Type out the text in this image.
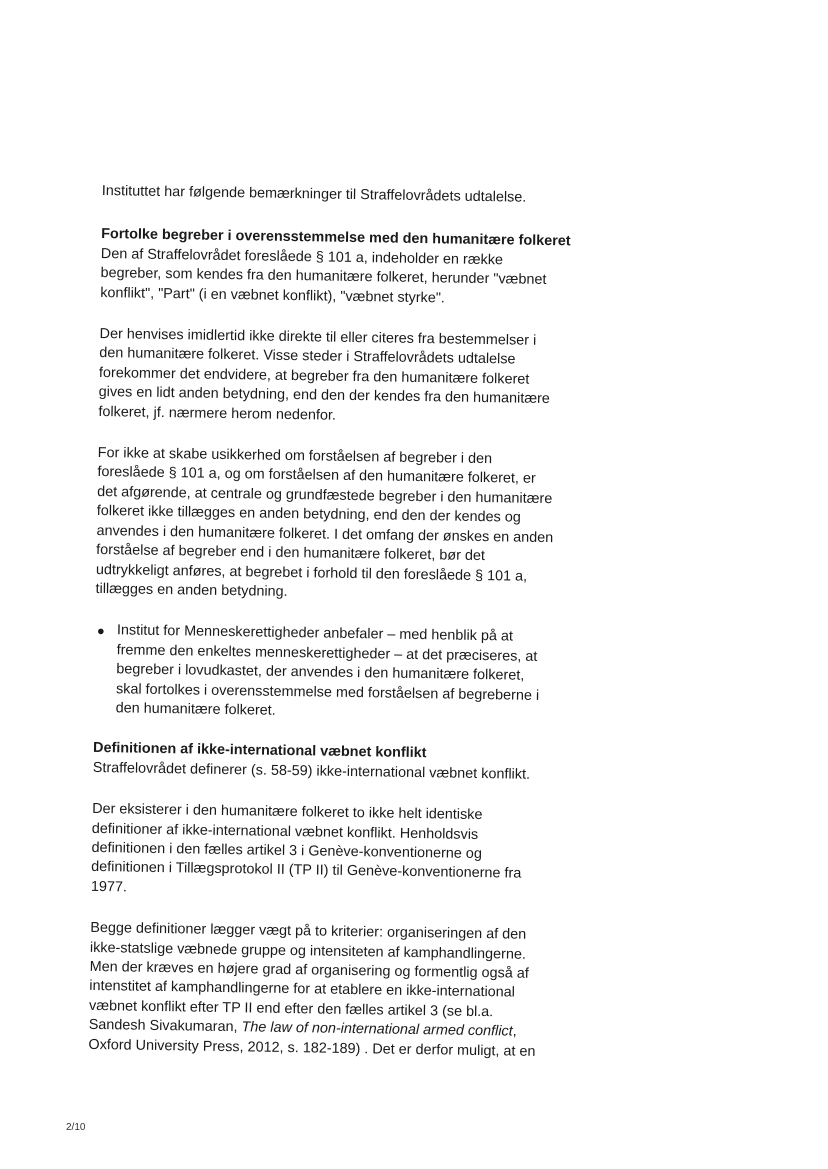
Instituttet har følgende bemærkninger til Straffelovrådets udtalelse.

Fortolke begreber i overensstemmelse med den humanitære folkeret

Den af Straffelovrådet foreslåede § 101 a, indeholder en række
begreber, som kendes fra den humanitære folkeret, herunder "væbnet
konflikt", "Part" (i en væbnet konflikt), "væbnet styrke".

Der henvises imidlertid ikke direkte til eller citeres fra bestemmelser i
den humanitære folkeret. Visse steder i Straffelovrådets udtalelse
forekommer det endvidere, at begreber fra den humanitære folkeret
gives en lidt anden betydning, end den der kendes fra den humanitære
folkeret, jf. nærmere herom nedenfor.

For ikke at skabe usikkerhed om forståelsen af begreber i den
foreslåede § 101 a, og om forståelsen af den humanitære folkeret, er
det afgørende, at centrale og grundfæstede begreber i den humanitære
folkeret ikke tillægges en anden betydning, end den der kendes og
anvendes i den humanitære folkeret. I det omfang der ønskes en anden
forståelse af begreber end i den humanitære folkeret, bør det
udtrykkeligt anføres, at begrebet i forhold til den foreslåede § 101 a,
tillægges en anden betydning.

● Institut for Menneskerettigheder anbefaler – med henblik på at
fremme den enkeltes menneskerettigheder – at det præciseres, at
begreber i lovudkastet, der anvendes i den humanitære folkeret,
skal fortolkes i overensstemmelse med forståelsen af begreberne i
den humanitære folkeret.

Definitionen af ikke-international væbnet konflikt

Straffelovrådet definerer (s. 58-59) ikke-international væbnet konflikt.

Der eksisterer i den humanitære folkeret to ikke helt identiske
definitioner af ikke-international væbnet konflikt. Henholdsvis
definitionen i den fælles artikel 3 i Genève-konventionerne og
definitionen i Tillægsprotokol II (TP II) til Genève-konventionerne fra
1977.

Begge definitioner lægger vægt på to kriterier: organiseringen af den
ikke-statslige væbnede gruppe og intensiteten af kamphandlingerne.
Men der kræves en højere grad af organisering og formentlig også af
intenstitet af kamphandlingerne for at etablere en ikke-international
væbnet konflikt efter TP II end efter den fælles artikel 3 (se bl.a.
Sandesh Sivakumaran, The law of non-international armed conflict,
Oxford University Press, 2012, s. 182-189) . Det er derfor muligt, at en

2/10
